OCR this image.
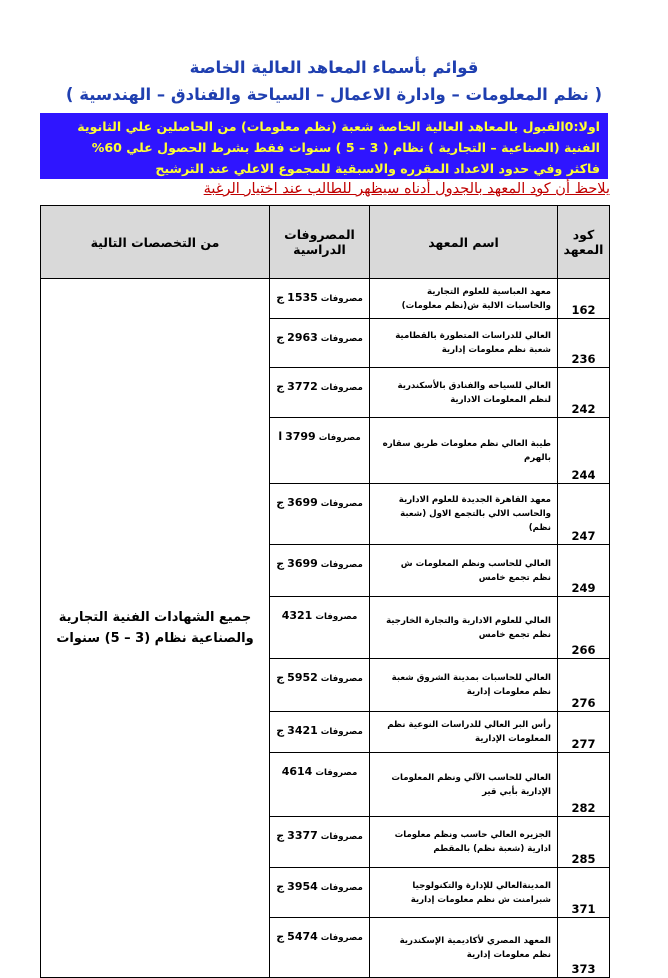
قوائم بأسماء المعاهد العالية الخاصة
( نظم المعلومات – وادارة الاعمال – السياحة والفنادق – الهندسية )
اولا:0القبول بالمعاهد العالية الخاصة شعبة (نظم معلومات) من الحاصلين علي الثانوية
الفنية (الصناعية – التجارية ) نظام ( 3 – 5 ) سنوات فقط بشرط الحصول علي 60%
فاكثر وفي حدود الاعداد المقرره والاسبقية للمجموع الاعلي عند الترشيح
يلاحظ أن كود المعهد بالجدول أدناه سيظهر للطالب عند اختيار الرغبة
كود المعهد	اسم المعهد	المصروفات الدراسية	من التخصصات التالية
162	معهد العباسية للعلوم التجارية والحاسبات الالية ش(نظم معلومات)	مصروفات 1535 ج	جميع الشهادات الفنية التجارية والصناعية نظام (3 – 5) سنوات
236	العالي للدراسات المتطورة بالقطامية شعبة نظم معلومات إدارية	مصروفات 2963 ج	
242	العالي للسياحه والفنادق بالأسكندرية لنظم المعلومات الادارية	مصروفات 3772 ج	
244	طيبة العالي نظم معلومات طريق سقاره بالهرم	مصروفات 3799 ا	
247	معهد القاهرة الجديدة للعلوم الادارية والحاسب الالي بالتجمع الاول (شعبة نظم)	مصروفات 3699 ج	
249	العالي للحاسب ونظم المعلومات ش نظم تجمع خامس	مصروفات 3699 ج	
266	العالي للعلوم الادارية والتجارة الخارجية نظم تجمع خامس	مصروفات 4321	
276	العالي للحاسبات بمدينة الشروق شعبة نظم معلومات إدارية	مصروفات 5952 ج	
277	رأس البر العالي للدراسات النوعية نظم المعلومات الإدارية	مصروفات 3421 ج	
282	العالي للحاسب الآلي ونظم المعلومات الإدارية بأبي قير	مصروفات 4614	
285	الجزيره العالي حاسب ونظم معلومات ادارية (شعبة نظم) بالمقطم	مصروفات 3377 ج	
371	المدينةالعالي للإدارة والتكنولوجيا شبرامنت ش نظم معلومات إدارية	مصروفات 3954 ج	
373	المعهد المصري لأكاديمية الإسكندرية نظم معلومات إدارية	مصروفات 5474 ج	
